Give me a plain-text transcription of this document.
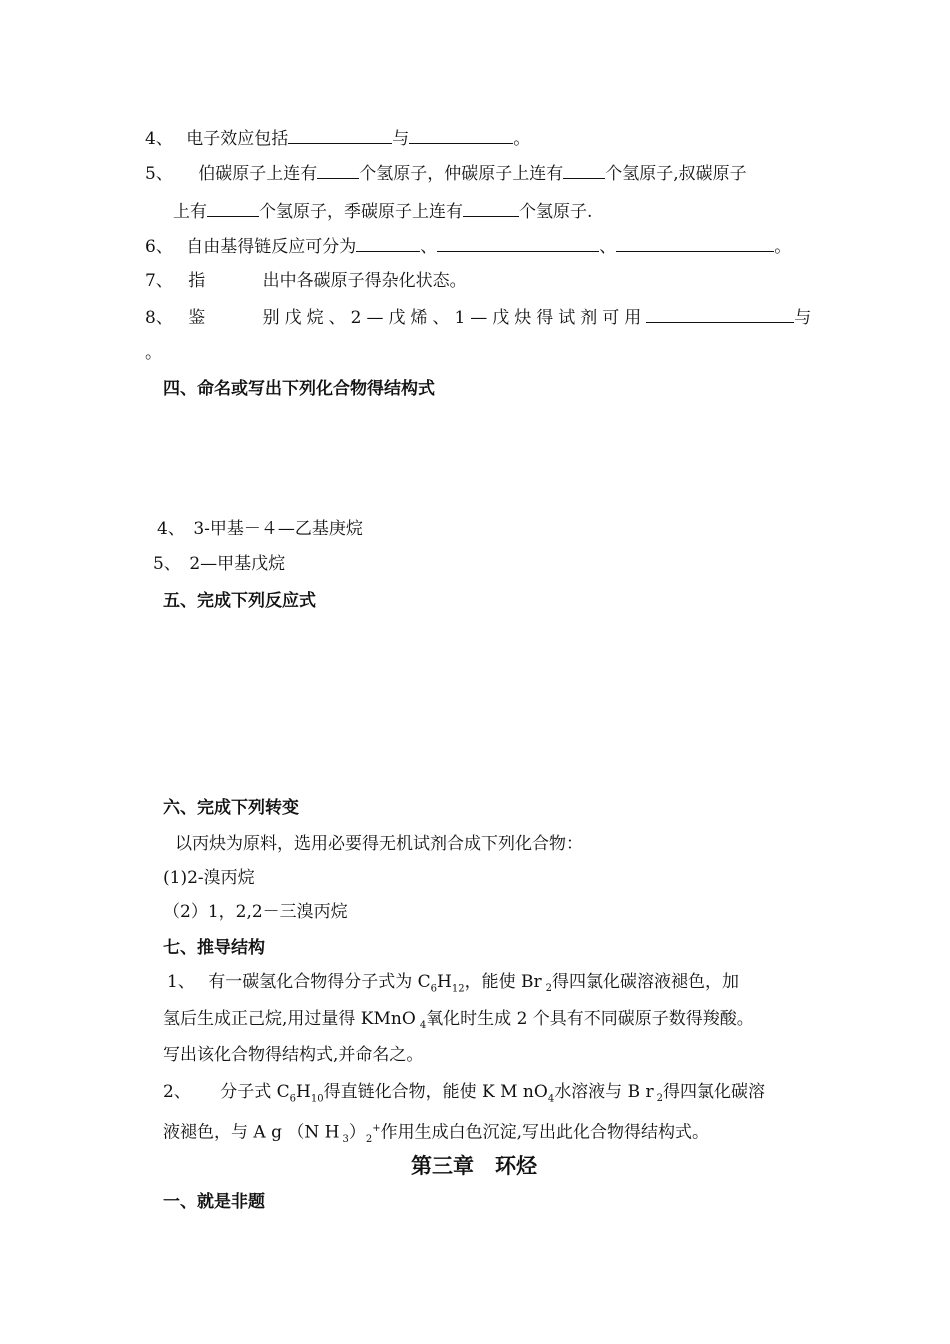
4、 电子效应包括	与	。
5、 伯碳原子上连有 个氢原子，仲碳原子上连有 个氢原子,叔碳原子
上有	个氢原子，季碳原子上连有	个氢原子.
6、 自由基得链反应可分为	、	、	。
7、 指	出中各碳原子得杂化状态。
8、 鉴	别戊烷、2—戊烯、1—戊炔得试剂可用	与
。
四、命名或写出下列化合物得结构式
4、　3-甲基－４—乙基庚烷
5、　2—甲基戊烷
五、完成下列反应式
六、完成下列转变
以丙炔为原料，选用必要得无机试剂合成下列化合物：
(1)2-溴丙烷
（2）1，2,2－三溴丙烷
七、推导结构
1、 有一碳氢化合物得分子式为 $C_6H_{12}$，能使 Br $_2$得四氯化碳溶液褪色，加
氢后生成正己烷,用过量得 KMnO $_4$氧化时生成 2 个具有不同碳原子数得羧酸。
写出该化合物得结构式,并命名之。
2、 分子式 $C_6H_{10}$得直链化合物，能使 K M $nO_4$水溶液与 B r $_2$得四氯化碳溶
液褪色，与 A g （N H $_3)_2^+$作用生成白色沉淀,写出此化合物得结构式。
第三章　环烃
一、就是非题
